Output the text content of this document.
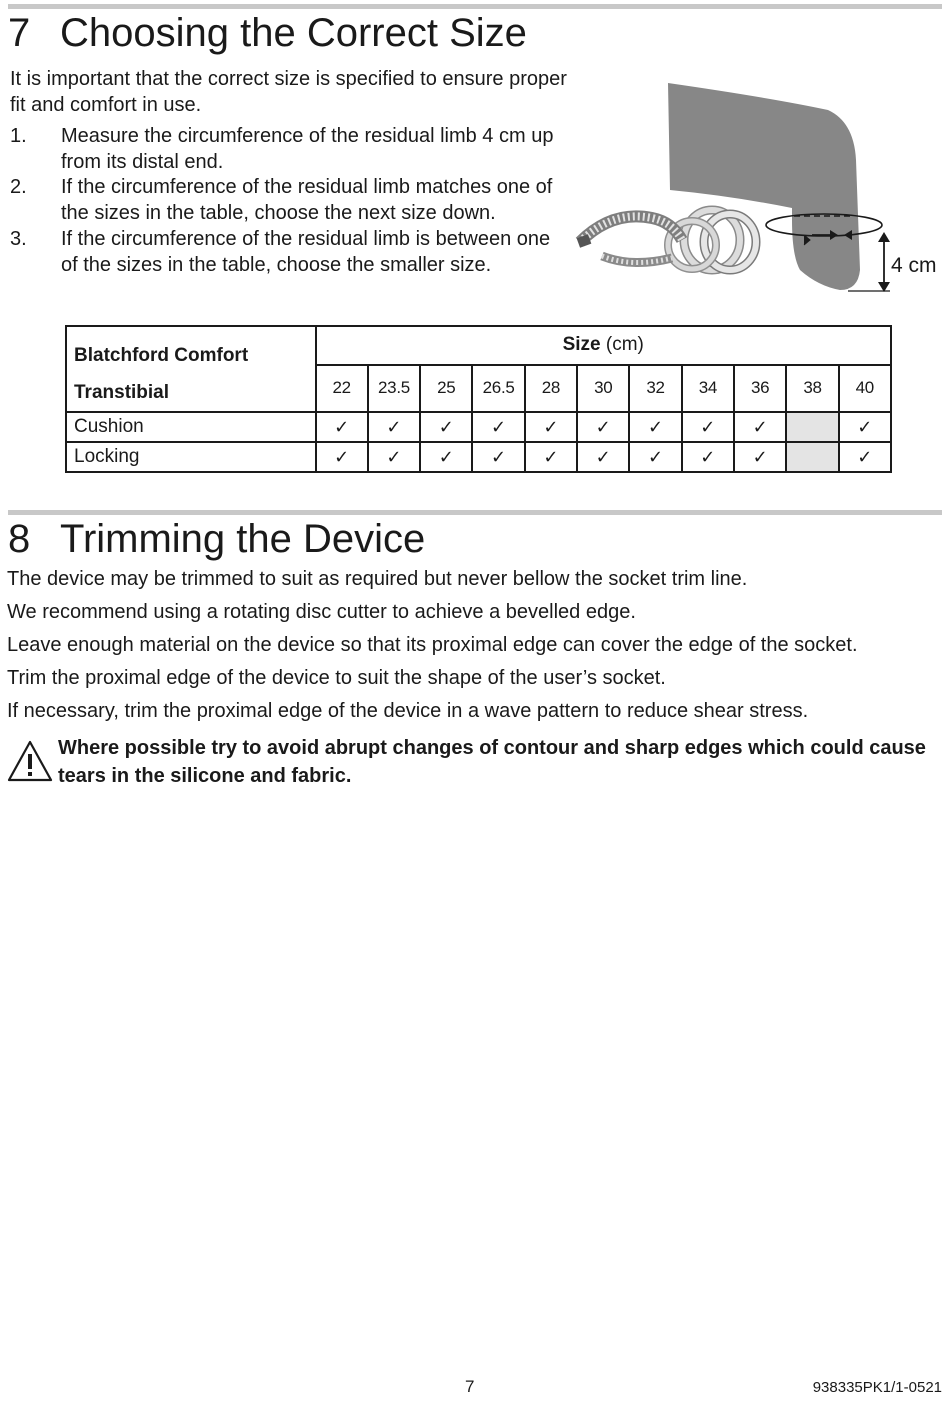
7 Choosing the Correct Size

It is important that the correct size is specified to ensure proper fit and comfort in use.

1. Measure the circumference of the residual limb 4 cm up from its distal end.
2. If the circumference of the residual limb matches one of the sizes in the table, choose the next size down.
3. If the circumference of the residual limb is between one of the sizes in the table, choose the smaller size.	4 cm
Blatchford Comfort
Transtibial	Size (cm)										
	22	23.5	25	26.5	28	30	32	34	36	38	40
Cushion	✓	✓	✓	✓	✓	✓	✓	✓	✓		✓
Locking	✓	✓	✓	✓	✓	✓	✓	✓	✓		✓
8 Trimming the Device

The device may be trimmed to suit as required but never bellow the socket trim line.

We recommend using a rotating disc cutter to achieve a bevelled edge.

Leave enough material on the device so that its proximal edge can cover the edge of the socket.

Trim the proximal edge of the device to suit the shape of the user’s socket.

If necessary, trim the proximal edge of the device in a wave pattern to reduce shear stress.

Where possible try to avoid abrupt changes of contour and sharp edges which could cause tears in the silicone and fabric.

7	938335PK1/1-0521
